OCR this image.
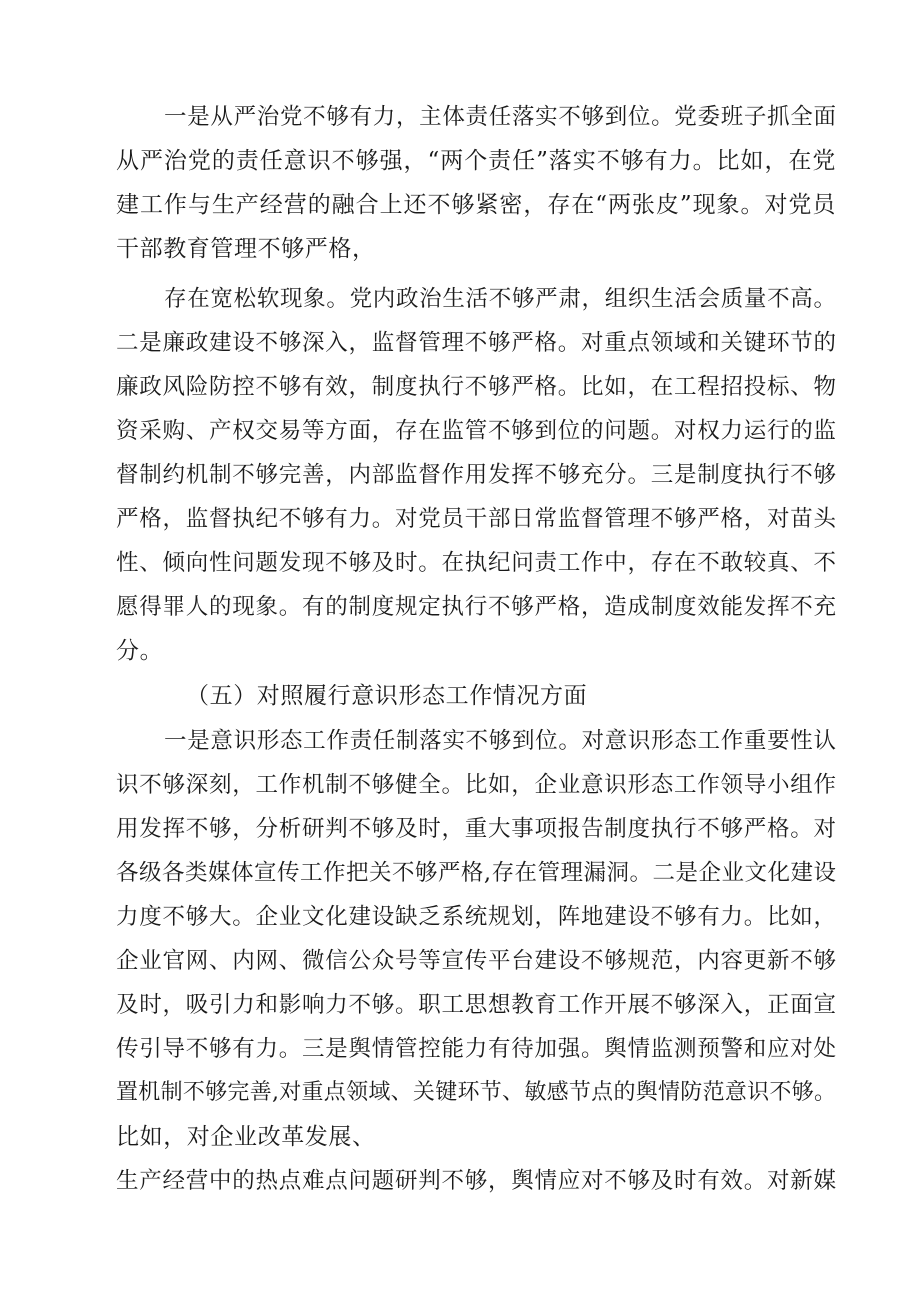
一是从严治党不够有力，主体责任落实不够到位。党委班子抓全面
从严治党的责任意识不够强，“两个责任”落实不够有力。比如，在党
建工作与生产经营的融合上还不够紧密，存在“两张皮”现象。对党员
干部教育管理不够严格，
存在宽松软现象。党内政治生活不够严肃，组织生活会质量不高。
二是廉政建设不够深入，监督管理不够严格。对重点领域和关键环节的
廉政风险防控不够有效，制度执行不够严格。比如，在工程招投标、物
资采购、产权交易等方面，存在监管不够到位的问题。对权力运行的监
督制约机制不够完善，内部监督作用发挥不够充分。三是制度执行不够
严格，监督执纪不够有力。对党员干部日常监督管理不够严格，对苗头
性、倾向性问题发现不够及时。在执纪问责工作中，存在不敢较真、不
愿得罪人的现象。有的制度规定执行不够严格，造成制度效能发挥不充
分。
（五）对照履行意识形态工作情况方面
一是意识形态工作责任制落实不够到位。对意识形态工作重要性认
识不够深刻，工作机制不够健全。比如，企业意识形态工作领导小组作
用发挥不够，分析研判不够及时，重大事项报告制度执行不够严格。对
各级各类媒体宣传工作把关不够严格,存在管理漏洞。二是企业文化建设
力度不够大。企业文化建设缺乏系统规划，阵地建设不够有力。比如，
企业官网、内网、微信公众号等宣传平台建设不够规范，内容更新不够
及时，吸引力和影响力不够。职工思想教育工作开展不够深入，正面宣
传引导不够有力。三是舆情管控能力有待加强。舆情监测预警和应对处
置机制不够完善,对重点领域、关键环节、敏感节点的舆情防范意识不够。
比如，对企业改革发展、
生产经营中的热点难点问题研判不够，舆情应对不够及时有效。对新媒
